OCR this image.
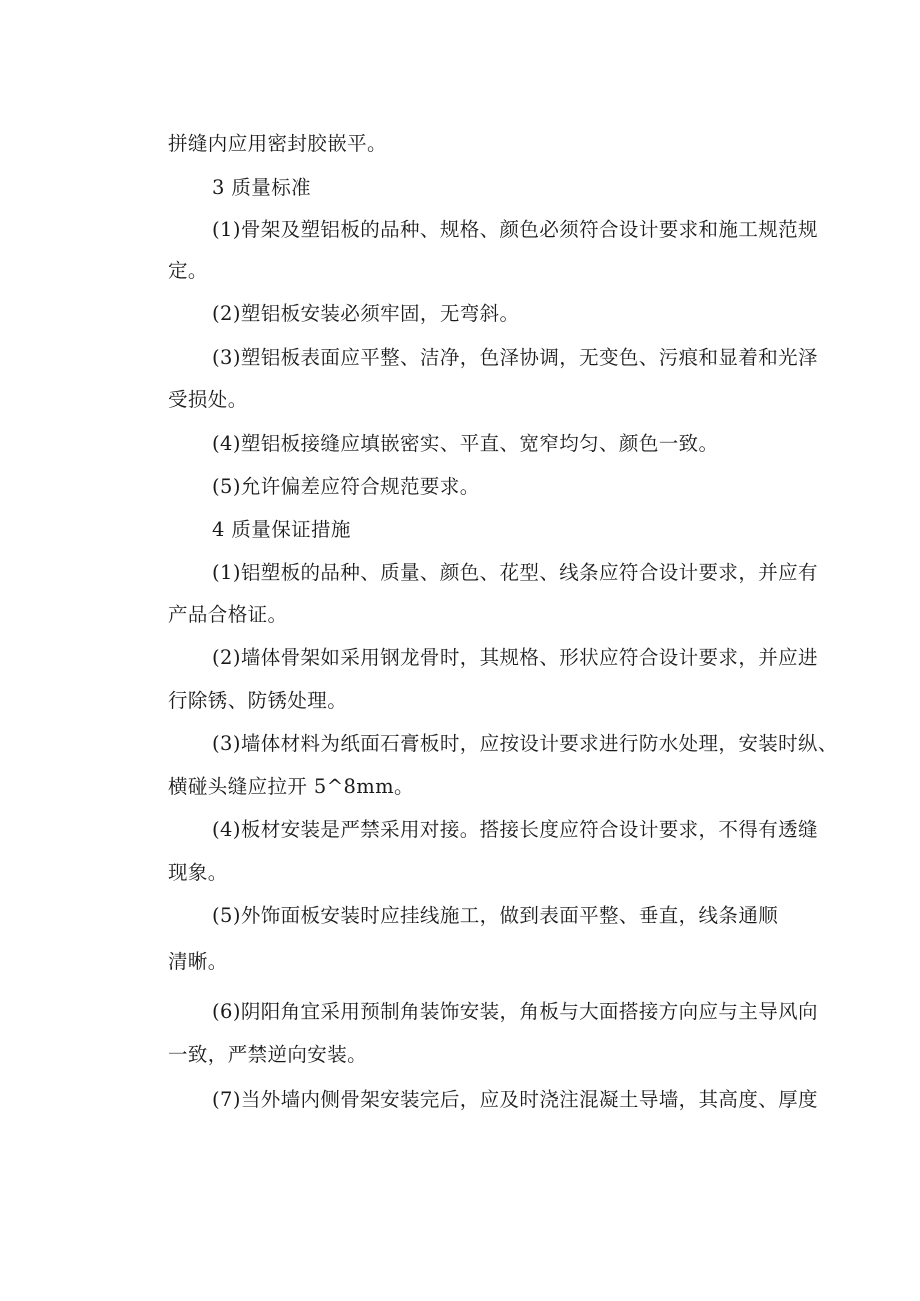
拼缝内应用密封胶嵌平。
3 质量标准
(1)骨架及塑铝板的品种、规格、颜色必须符合设计要求和施工规范规
定。
(2)塑铝板安装必须牢固，无弯斜。
(3)塑铝板表面应平整、洁净，色泽协调，无变色、污痕和显着和光泽
受损处。
(4)塑铝板接缝应填嵌密实、平直、宽窄均匀、颜色一致。
(5)允许偏差应符合规范要求。
4 质量保证措施
(1)铝塑板的品种、质量、颜色、花型、线条应符合设计要求，并应有
产品合格证。
(2)墙体骨架如采用钢龙骨时，其规格、形状应符合设计要求，并应进
行除锈、防锈处理。
(3)墙体材料为纸面石膏板时，应按设计要求进行防水处理，安装时纵、
横碰头缝应拉开 5^8mm。
(4)板材安装是严禁采用对接。搭接长度应符合设计要求，不得有透缝
现象。
(5)外饰面板安装时应挂线施工，做到表面平整、垂直，线条通顺
清晰。
(6)阴阳角宜采用预制角装饰安装，角板与大面搭接方向应与主导风向
一致，严禁逆向安装。
(7)当外墙内侧骨架安装完后，应及时浇注混凝土导墙，其高度、厚度
